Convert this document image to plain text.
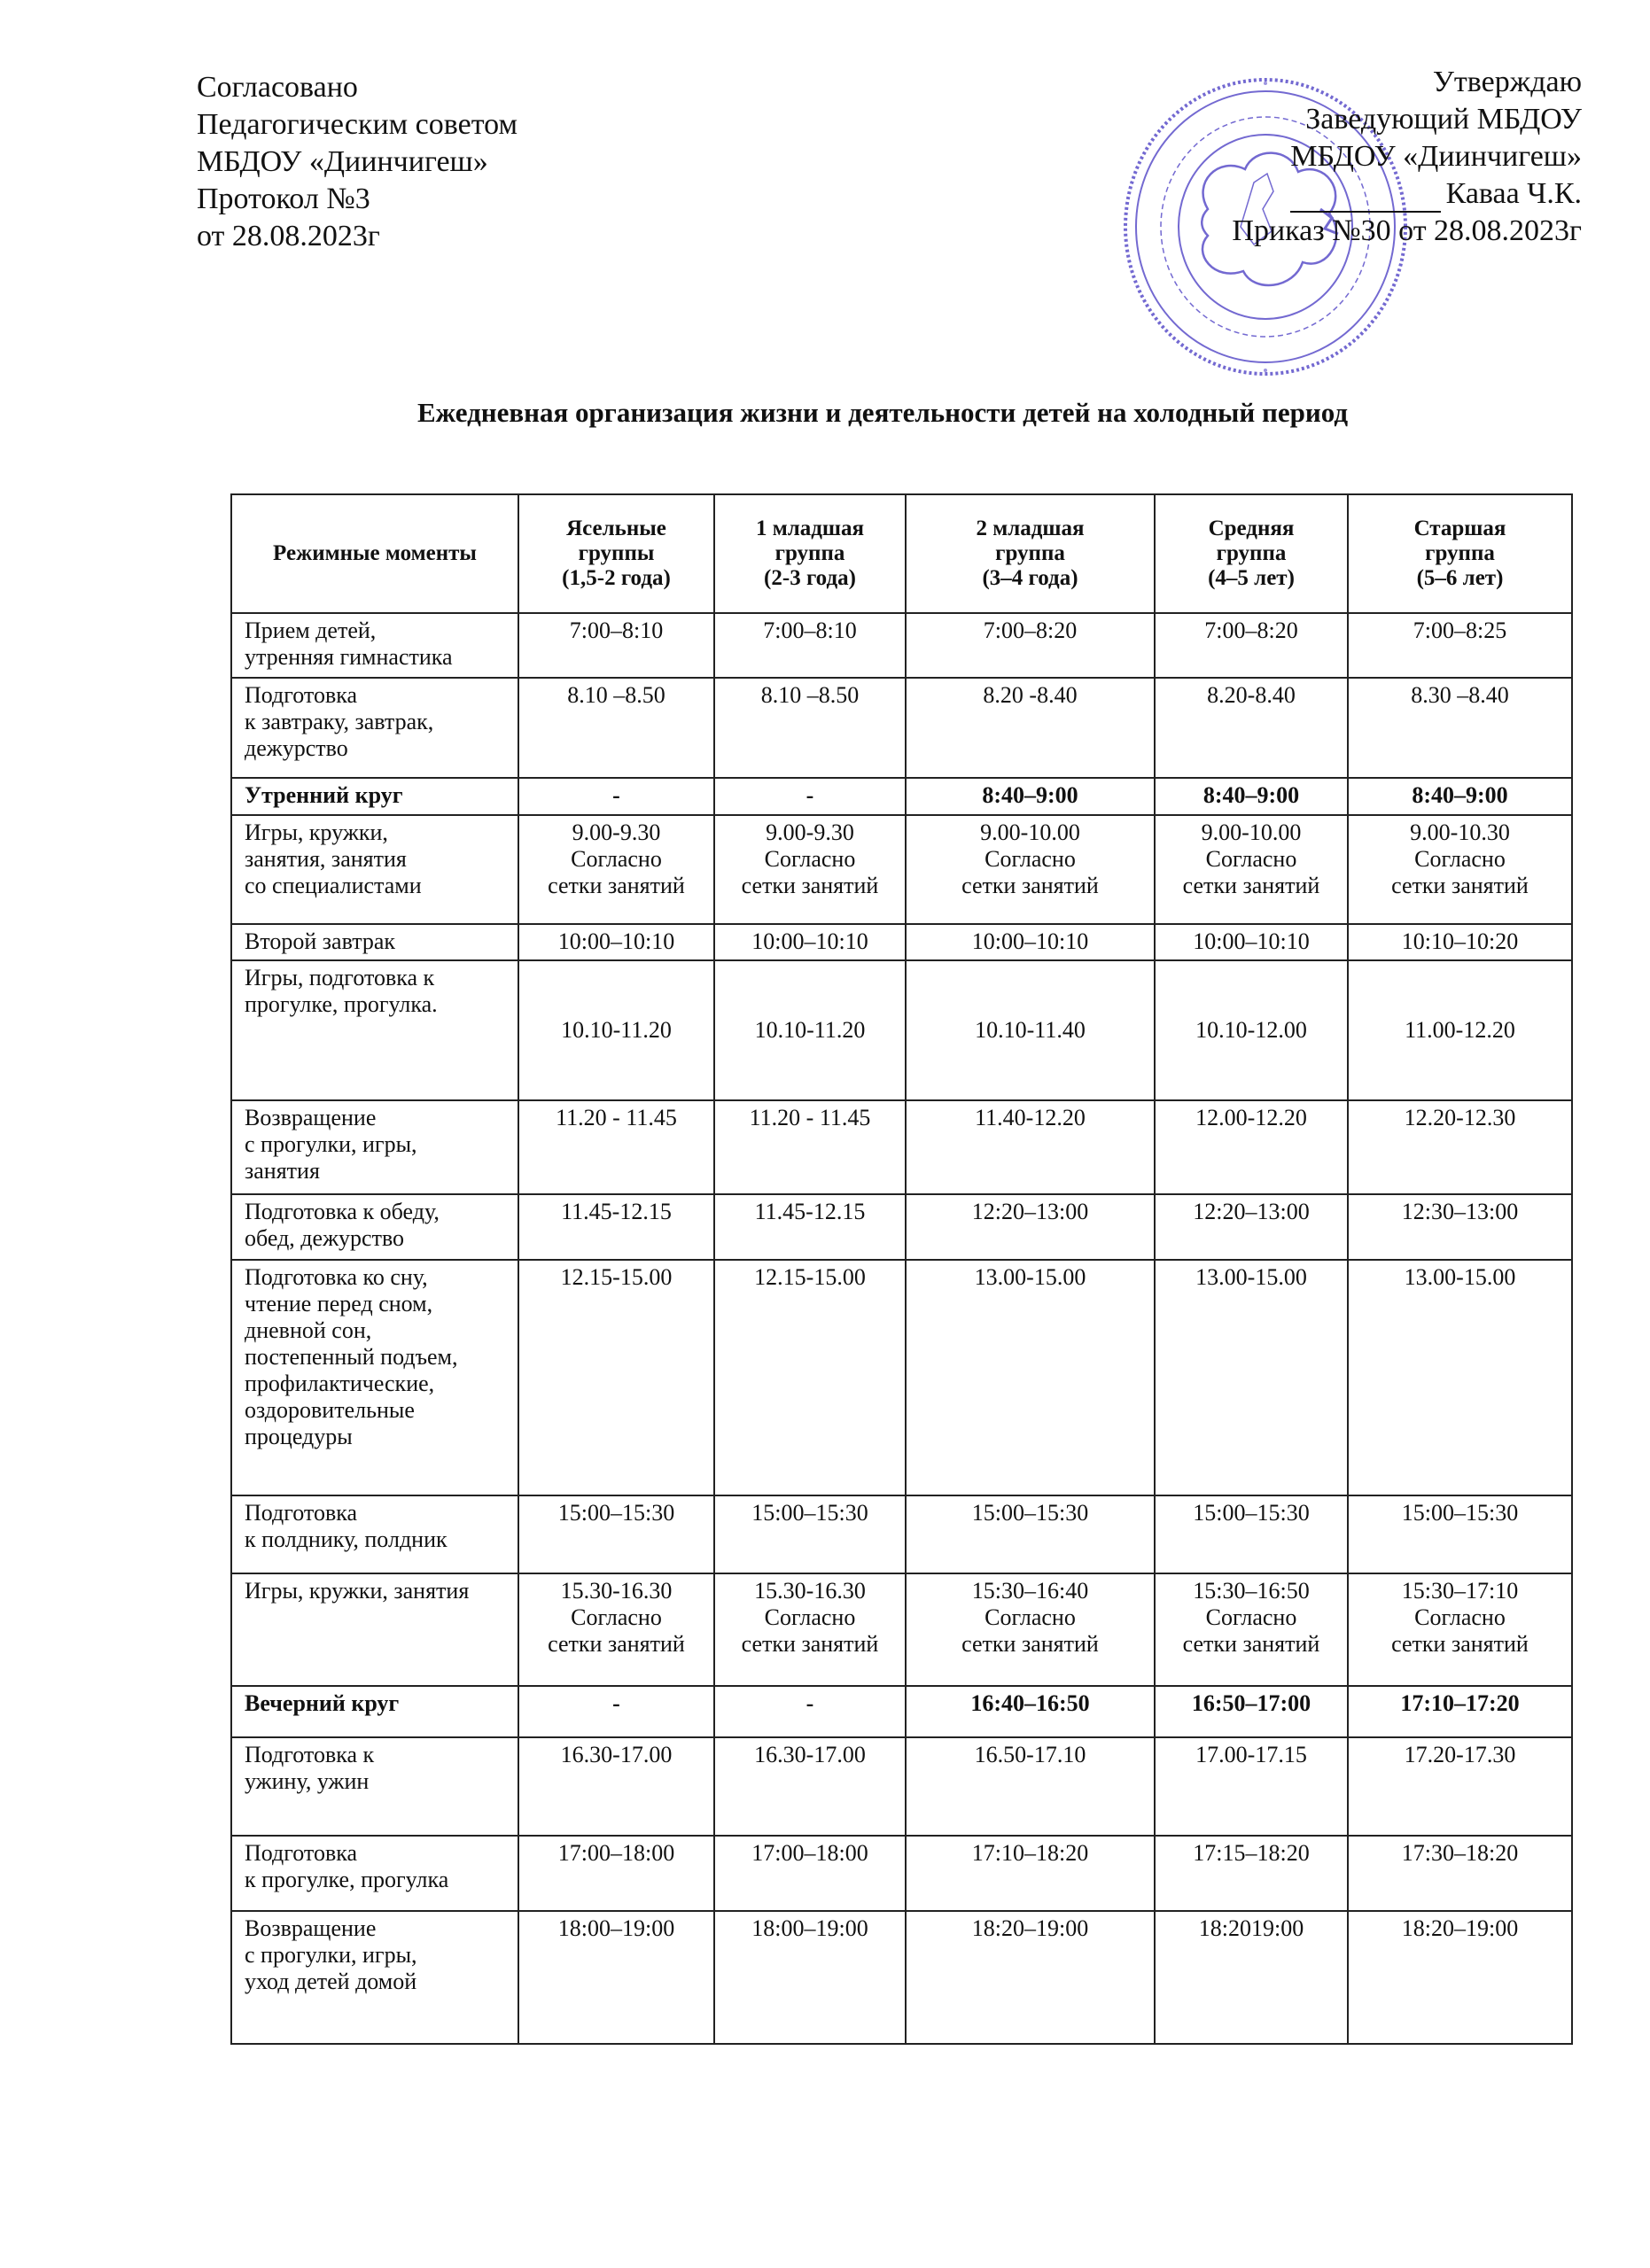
Согласовано
Педагогическим советом
МБДОУ «Диинчигеш»
Протокол №3
от 28.08.2023г
Утверждаю
Заведующий МБДОУ
МБДОУ «Диинчигеш»
Каваа Ч.К.
Приказ №30 от 28.08.2023г
Ежедневная организация жизни и деятельности детей на холодный период
Режимные моменты	Ясельные
группы
(1,5-2 года)	1 младшая
группа
(2-3 года)	2 младшая
группа
(3–4 года)	Средняя
группа
(4–5 лет)	Старшая
группа
(5–6 лет)

Прием детей,
утренняя гимнастика	7:00–8:10	7:00–8:10	7:00–8:20	7:00–8:20	7:00–8:25

Подготовка
к завтраку, завтрак,
дежурство	8.10 –8.50	8.10 –8.50	8.20 -8.40	8.20-8.40	8.30 –8.40

Утренний круг	-	-	8:40–9:00	8:40–9:00	8:40–9:00

Игры, кружки,
занятия, занятия
со специалистами	9.00-9.30
Согласно
сетки занятий	9.00-9.30
Согласно
сетки занятий	9.00-10.00
Согласно
сетки занятий	9.00-10.00
Согласно
сетки занятий	9.00-10.30
Согласно
сетки занятий

Второй завтрак	10:00–10:10	10:00–10:10	10:00–10:10	10:00–10:10	10:10–10:20

Игры, подготовка к
прогулке, прогулка.	10.10-11.20	10.10-11.20	10.10-11.40	10.10-12.00	11.00-12.20

Возвращение
с прогулки, игры,
занятия	11.20 - 11.45	11.20 - 11.45	11.40-12.20	12.00-12.20	12.20-12.30

Подготовка к обеду,
обед, дежурство	11.45-12.15	11.45-12.15	12:20–13:00	12:20–13:00	12:30–13:00

Подготовка ко сну,
чтение перед сном,
дневной сон,
постепенный подъем,
профилактические,
оздоровительные
процедуры

12.15-15.00	12.15-15.00	13.00-15.00	13.00-15.00	13.00-15.00

Подготовка
к полднику, полдник	15:00–15:30	15:00–15:30	15:00–15:30	15:00–15:30	15:00–15:30

Игры, кружки, занятия	15.30-16.30
Согласно
сетки занятий	15.30-16.30
Согласно
сетки занятий	15:30–16:40
Согласно
сетки занятий	15:30–16:50
Согласно
сетки занятий	15:30–17:10
Согласно
сетки занятий

Вечерний круг	-	-	16:40–16:50	16:50–17:00	17:10–17:20

Подготовка к
ужину, ужин	16.30-17.00	16.30-17.00	16.50-17.10	17.00-17.15	17.20-17.30

Подготовка
к прогулке, прогулка	17:00–18:00	17:00–18:00	17:10–18:20	17:15–18:20	17:30–18:20

Возвращение
с прогулки, игры,
уход детей домой	18:00–19:00	18:00–19:00	18:20–19:00	18:2019:00	18:20–19:00
